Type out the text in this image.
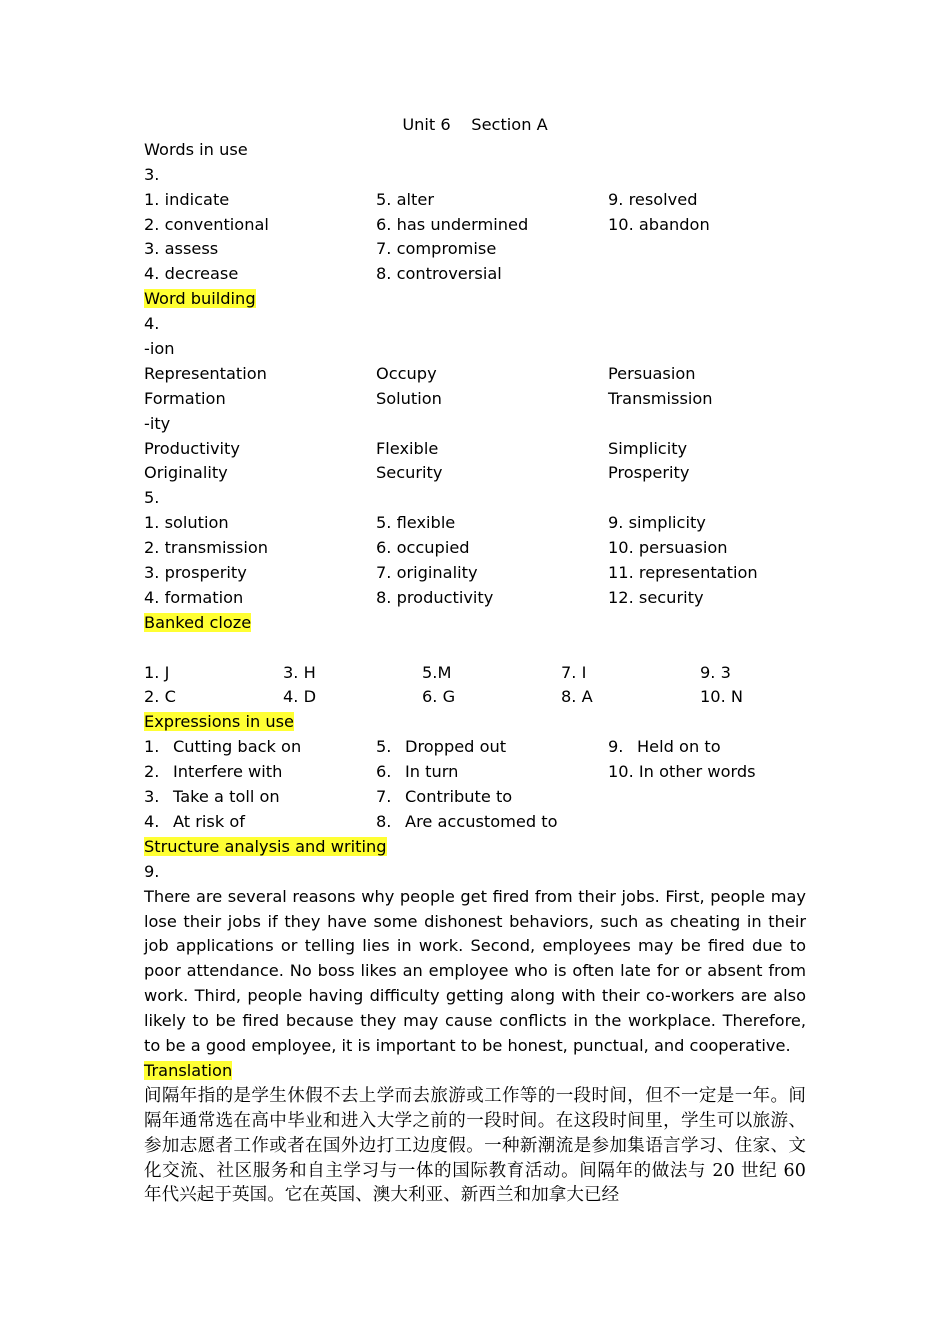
Unit 6    Section A
Words in use
3.
1. indicate	5. alter	9. resolved
2. conventional	6. has undermined	10. abandon
3. assess	7. compromise
4. decrease	8. controversial
Word building
4.
-ion
Representation	Occupy	Persuasion
Formation	Solution	Transmission
-ity
Productivity	Flexible	Simplicity
Originality	Security	Prosperity
5.
1. solution	5. flexible	9. simplicity
2. transmission	6. occupied	10. persuasion
3. prosperity	7. originality	11. representation
4. formation	8. productivity	12. security
Banked cloze
1. J	3. H	5.M	7. I	9. 3
2. C	4. D	6. G	8. A	10. N
Expressions in use
1. Cutting back on	5. Dropped out	9. Held on to
2. Interfere with	6. In turn	10. In other words
3. Take a toll on	7. Contribute to
4. At risk of	8. Are accustomed to
Structure analysis and writing
9.
There are several reasons why people get fired from their jobs. First, people may lose their jobs if they have some dishonest behaviors, such as cheating in their job applications or telling lies in work. Second, employees may be fired due to poor attendance. No boss likes an employee who is often late for or absent from work. Third, people having difficulty getting along with their co-workers are also likely to be fired because they may cause conflicts in the workplace. Therefore, to be a good employee, it is important to be honest, punctual, and cooperative.
Translation
间隔年指的是学生休假不去上学而去旅游或工作等的一段时间，但不一定是一年。间隔年通常选在高中毕业和进入大学之前的一段时间。在这段时间里，学生可以旅游、参加志愿者工作或者在国外边打工边度假。一种新潮流是参加集语言学习、住家、文化交流、社区服务和自主学习与一体的国际教育活动。间隔年的做法与 20 世纪 60 年代兴起于英国。它在英国、澳大利亚、新西兰和加拿大已经
